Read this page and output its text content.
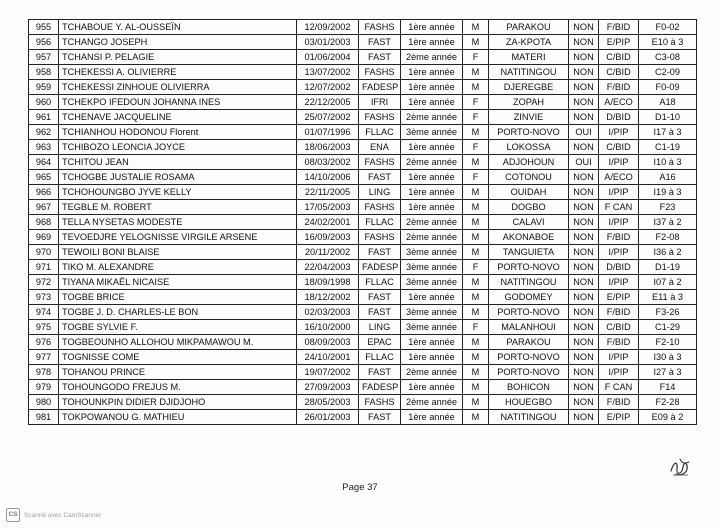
955	TCHABOUE Y. AL-OUSSEÏN	12/09/2002	FASHS	1ère année	M	PARAKOU	NON	F/BID	F0-02
956	TCHANGO JOSEPH	03/01/2003	FAST	1ère année	M	ZA-KPOTA	NON	E/PIP	E10 à 3
957	TCHANSI P. PELAGIE	01/06/2004	FAST	2ème année	F	MATERI	NON	C/BID	C3-08
958	TCHEKESSI A. OLIVIERRE	13/07/2002	FASHS	1ère année	M	NATITINGOU	NON	C/BID	C2-09
959	TCHEKESSI ZINHOUE OLIVIERRA	12/07/2002	FADESP	1ère année	M	DJEREGBE	NON	F/BID	F0-09
960	TCHEKPO IFEDOUN JOHANNA INES	22/12/2005	IFRI	1ère année	F	ZOPAH	NON	A/ECO	A18
961	TCHENAVE JACQUELINE	25/07/2002	FASHS	2ème année	F	ZINVIE	NON	D/BID	D1-10
962	TCHIANHOU HODONOU Florent	01/07/1996	FLLAC	3ème année	M	PORTO-NOVO	OUI	I/PIP	I17 à 3
963	TCHIBOZO LEONCIA JOYCE	18/06/2003	ENA	1ère année	F	LOKOSSA	NON	C/BID	C1-19
964	TCHITOU JEAN	08/03/2002	FASHS	2ème année	M	ADJOHOUN	OUI	I/PIP	I10 à 3
965	TCHOGBE JUSTALIE ROSAMA	14/10/2006	FAST	1ère année	F	COTONOU	NON	A/ECO	A16
966	TCHOHOUNGBO JYVE KELLY	22/11/2005	LING	1ère année	M	OUIDAH	NON	I/PIP	I19 à 3
967	TEGBLE M. ROBERT	17/05/2003	FASHS	1ère année	M	DOGBO	NON	F CAN	F23
968	TELLA NYSETAS MODESTE	24/02/2001	FLLAC	2ème année	M	CALAVI	NON	I/PIP	I37 à 2
969	TEVOEDJRE YELOGNISSE VIRGILE ARSENE	16/09/2003	FASHS	2ème année	M	AKONABOE	NON	F/BID	F2-08
970	TEWOILI BONI BLAISE	20/11/2002	FAST	3ème année	M	TANGUIETA	NON	I/PIP	I36 à 2
971	TIKO M. ALEXANDRE	22/04/2003	FADESP	3ème année	F	PORTO-NOVO	NON	D/BID	D1-19
972	TIYANA MIKAËL NICAISE	18/09/1998	FLLAC	3ème année	M	NATITINGOU	NON	I/PIP	I07 à 2
973	TOGBE BRICE	18/12/2002	FAST	1ère année	M	GODOMEY	NON	E/PIP	E11 à 3
974	TOGBE J. D. CHARLES-LE BON	02/03/2003	FAST	3ème année	M	PORTO-NOVO	NON	F/BID	F3-26
975	TOGBE SYLVIE F.	16/10/2000	LING	3ème année	F	MALANHOUI	NON	C/BID	C1-29
976	TOGBEOUNHO ALLOHOU MIKPAMAWOU M.	08/09/2003	EPAC	1ère année	M	PARAKOU	NON	F/BID	F2-10
977	TOGNISSE COME	24/10/2001	FLLAC	1ère année	M	PORTO-NOVO	NON	I/PIP	I30 à 3
978	TOHANOU PRINCE	19/07/2002	FAST	2ème année	M	PORTO-NOVO	NON	I/PIP	I27 à 3
979	TOHOUNGODO FREJUS M.	27/09/2003	FADESP	1ère année	M	BOHICON	NON	F CAN	F14
980	TOHOUNKPIN DIDIER DJIDJOHO	28/05/2003	FASHS	2ème année	M	HOUEGBO	NON	F/BID	F2-28
981	TOKPOWANOU G. MATHIEU	26/01/2003	FAST	1ère année	M	NATITINGOU	NON	E/PIP	E09 à 2
Page 37
CS Scanné avec CamScanner
